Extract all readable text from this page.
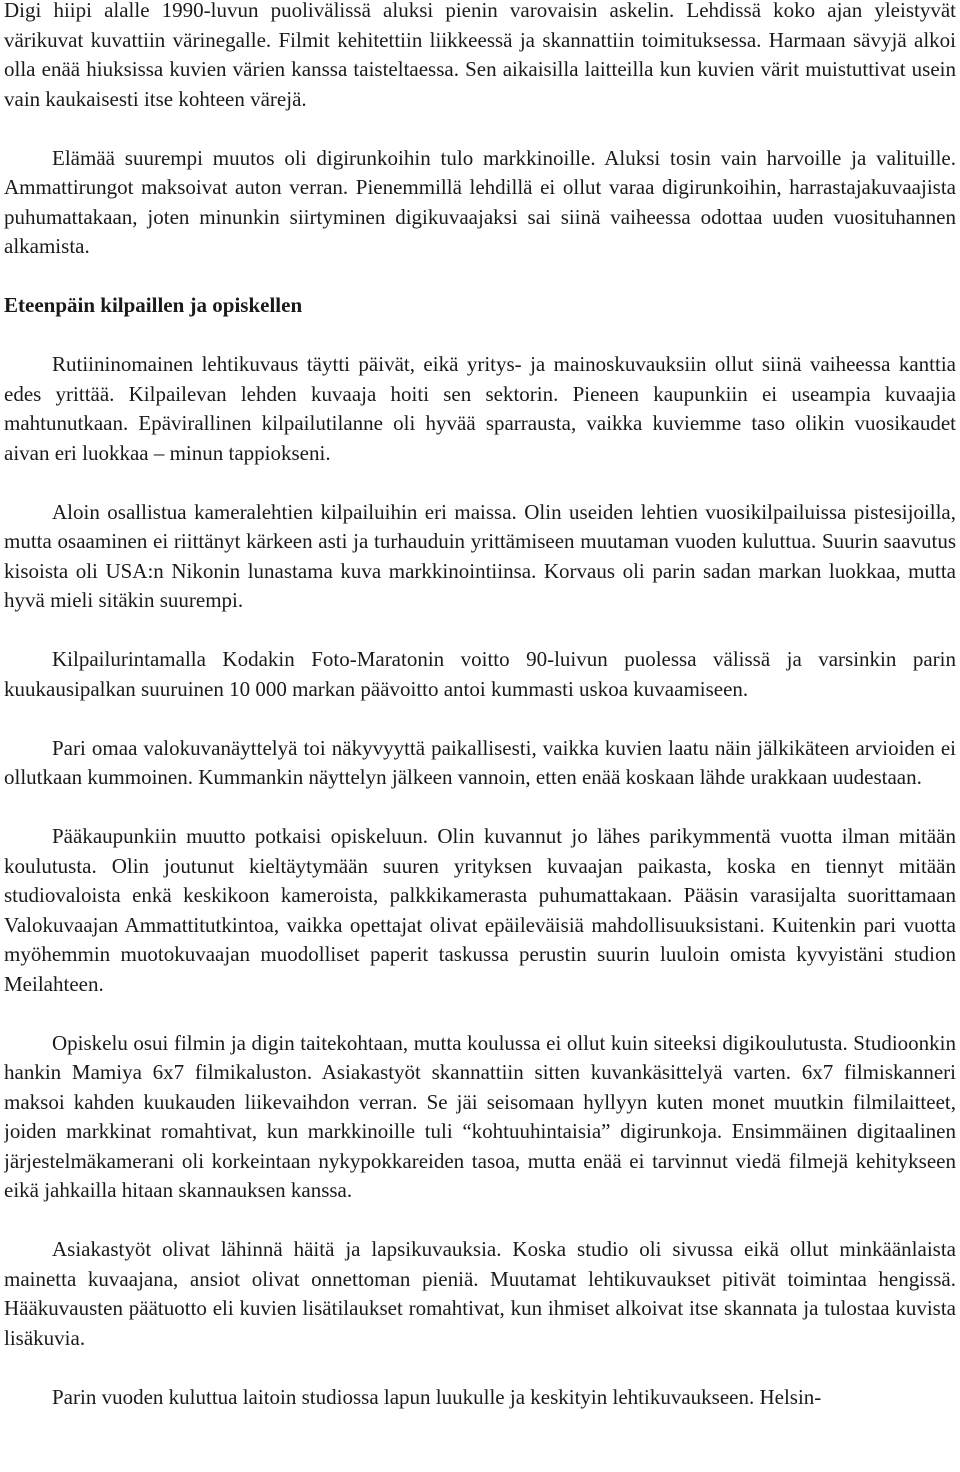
Digi hiipi alalle 1990-luvun puolivälissä aluksi pienin varovaisin askelin. Lehdissä koko ajan yleistyvät värikuvat kuvattiin värinegalle. Filmit kehitettiin liikkeessä ja skannattiin toimituksessa. Harmaan sävyjä alkoi olla enää hiuksissa kuvien värien kanssa taisteltaessa. Sen aikaisilla laitteilla kun kuvien värit muistuttivat usein vain kaukaisesti itse kohteen värejä.

Elämää suurempi muutos oli digirunkoihin tulo markkinoille. Aluksi tosin vain harvoille ja valituille. Ammattirungot maksoivat auton verran. Pienemmillä lehdillä ei ollut varaa digirunkoihin, harrastajakuvaajista puhumattakaan, joten minunkin siirtyminen digikuvaajaksi sai siinä vaiheessa odottaa uuden vuosituhannen alkamista.

Eteenpäin kilpaillen ja opiskellen

Rutiininomainen lehtikuvaus täytti päivät, eikä yritys- ja mainoskuvauksiin ollut siinä vaiheessa kanttia edes yrittää. Kilpailevan lehden kuvaaja hoiti sen sektorin. Pieneen kaupunkiin ei useampia kuvaajia mahtunutkaan. Epävirallinen kilpailutilanne oli hyvää sparrausta, vaikka kuviemme taso olikin vuosikaudet aivan eri luokkaa – minun tappiokseni.

Aloin osallistua kameralehtien kilpailuihin eri maissa. Olin useiden lehtien vuosikilpailuissa pistesijoilla, mutta osaaminen ei riittänyt kärkeen asti ja turhauduin yrittämiseen muutaman vuoden kuluttua. Suurin saavutus kisoista oli USA:n Nikonin lunastama kuva markkinointiinsa. Korvaus oli parin sadan markan luokkaa, mutta hyvä mieli sitäkin suurempi.

Kilpailurintamalla Kodakin Foto-Maratonin voitto 90-luivun puolessa välissä ja varsinkin parin kuukausipalkan suuruinen 10 000 markan päävoitto antoi kummasti uskoa kuvaamiseen.

Pari omaa valokuvanäyttelyä toi näkyvyyttä paikallisesti, vaikka kuvien laatu näin jälkikäteen arvioiden ei ollutkaan kummoinen. Kummankin näyttelyn jälkeen vannoin, etten enää koskaan lähde urakkaan uudestaan.

Pääkaupunkiin muutto potkaisi opiskeluun. Olin kuvannut jo lähes parikymmentä vuotta ilman mitään koulutusta. Olin joutunut kieltäytymään suuren yrityksen kuvaajan paikasta, koska en tiennyt mitään studiovaloista enkä keskikoon kameroista, palkkikamerasta puhumattakaan. Pääsin varasijalta suorittamaan Valokuvaajan Ammattitutkintoa, vaikka opettajat olivat epäileväisiä mahdollisuuksistani. Kuitenkin pari vuotta myöhemmin muotokuvaajan muodolliset paperit taskussa perustin suurin luuloin omista kyvyistäni studion Meilahteen.

Opiskelu osui filmin ja digin taitekohtaan, mutta koulussa ei ollut kuin siteeksi digikoulutusta. Studioonkin hankin Mamiya 6x7 filmikaluston. Asiakastyöt skannattiin sitten kuvankäsittelyä varten. 6x7 filmiskanneri maksoi kahden kuukauden liikevaihdon verran. Se jäi seisomaan hyllyyn kuten monet muutkin filmilaitteet, joiden markkinat romahtivat, kun markkinoille tuli “kohtuuhintaisia” digirunkoja. Ensimmäinen digitaalinen järjestelmäkamerani oli korkeintaan nykypokkareiden tasoa, mutta enää ei tarvinnut viedä filmejä kehitykseen eikä jahkailla hitaan skannauksen kanssa.

Asiakastyöt olivat lähinnä häitä ja lapsikuvauksia. Koska studio oli sivussa eikä ollut minkäänlaista mainetta kuvaajana, ansiot olivat onnettoman pieniä. Muutamat lehtikuvaukset pitivät toimintaa hengissä. Hääkuvausten päätuotto eli kuvien lisätilaukset romahtivat, kun ihmiset alkoivat itse skannata ja tulostaa kuvista lisäkuvia.

Parin vuoden kuluttua laitoin studiossa lapun luukulle ja keskityin lehtikuvaukseen. Helsin-
